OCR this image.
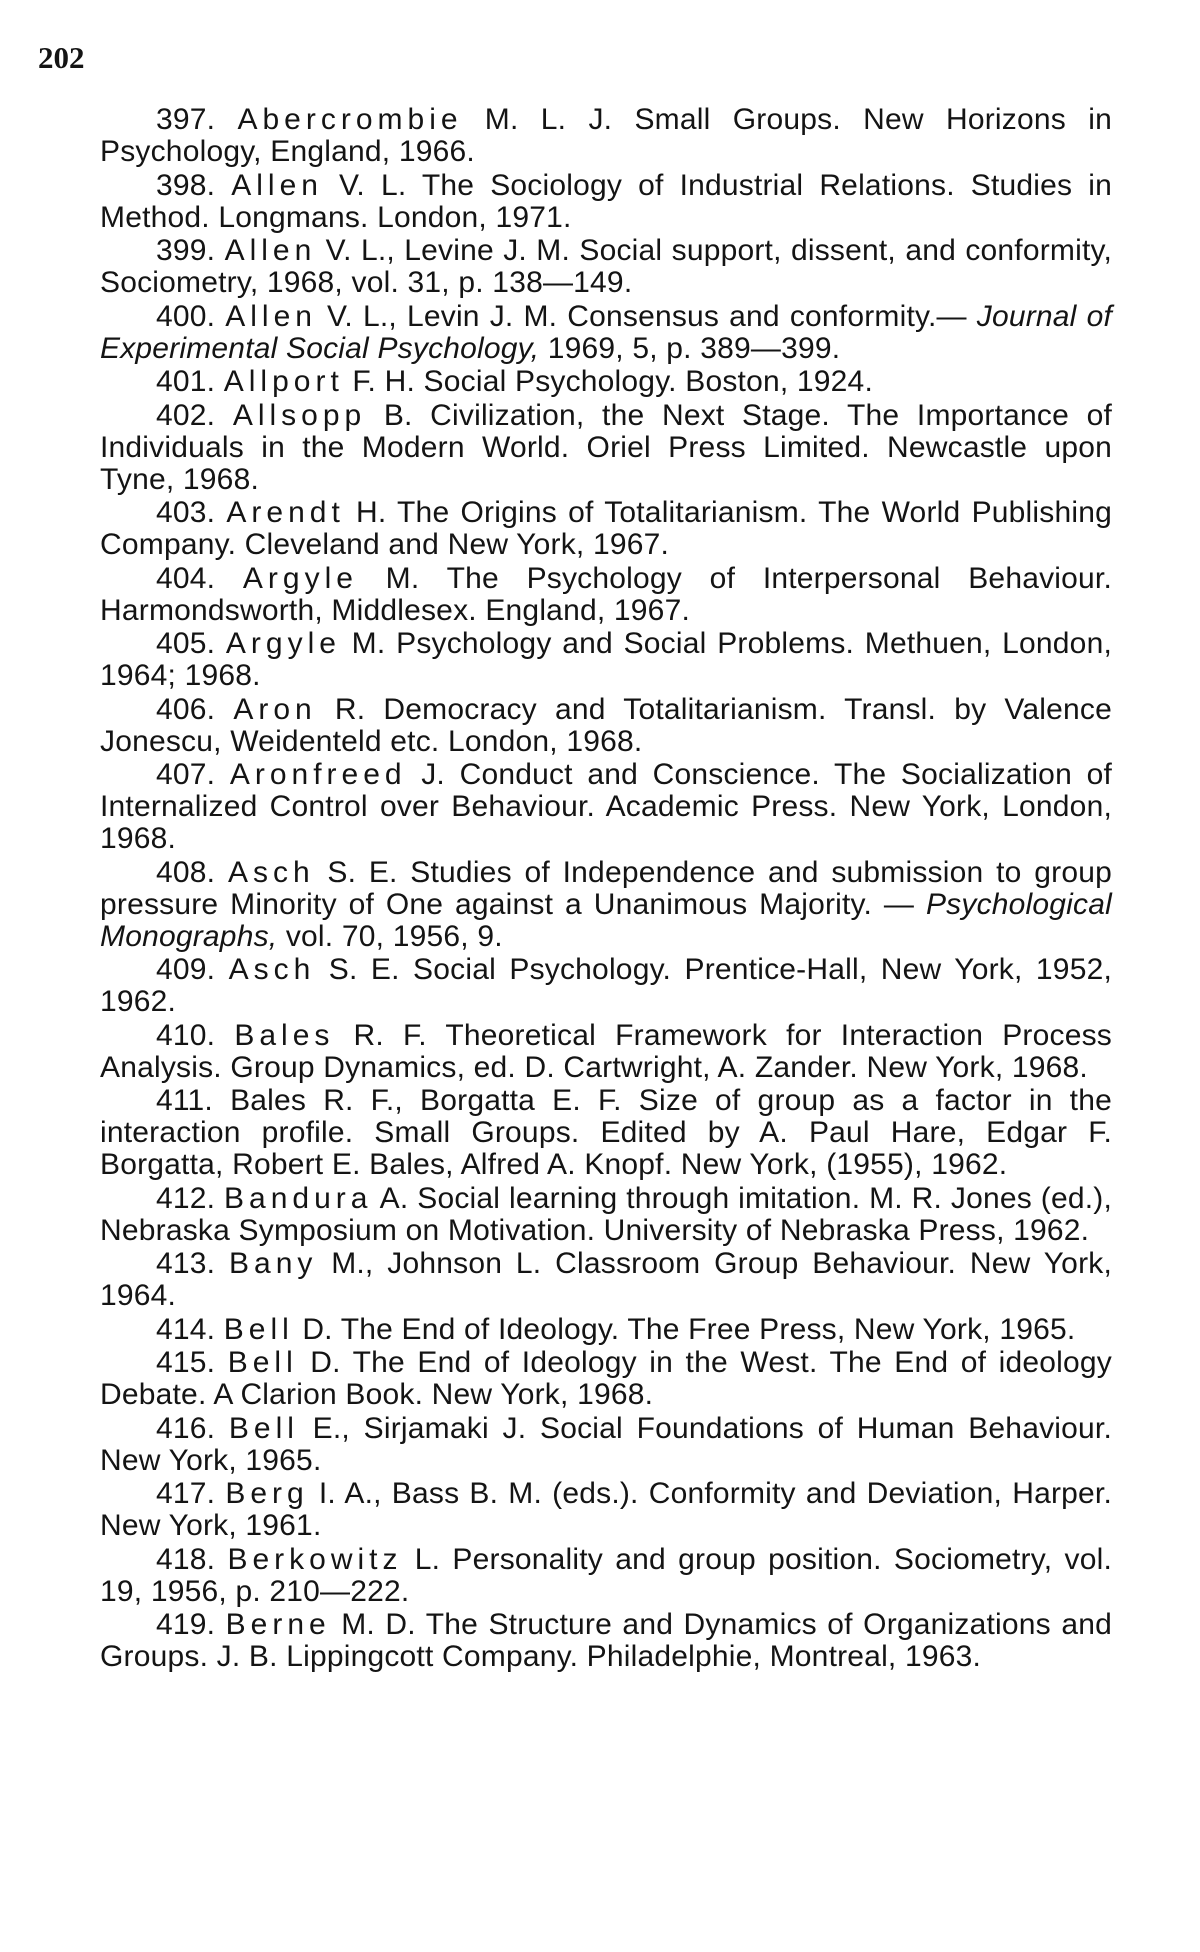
202

397. Abercrombie M. L. J. Small Groups. New Horizons in Psychology, England, 1966.

398. Allen V. L. The Sociology of Industrial Relations. Studies in Method. Longmans. London, 1971.

399. Allen V. L., Levine J. M. Social support, dissent, and conformity, Sociometry, 1968, vol. 31, p. 138—149.

400. Allen V. L., Levin J. M. Consensus and conformity.— Journal of Experimental Social Psychology, 1969, 5, p. 389—399.

401. Allport F. H. Social Psychology. Boston, 1924.

402. Allsopp B. Civilization, the Next Stage. The Importance of Individuals in the Modern World. Oriel Press Limited. Newcastle upon Tyne, 1968.

403. Arendt H. The Origins of Totalitarianism. The World Publishing Company. Cleveland and New York, 1967.

404. Argyle M. The Psychology of Interpersonal Behaviour. Harmondsworth, Middlesex. England, 1967.

405. Argyle M. Psychology and Social Problems. Methuen, London, 1964; 1968.

406. Aron R. Democracy and Totalitarianism. Transl. by Valence Jonescu, Weidenteld etc. London, 1968.

407. Aronfreed J. Conduct and Conscience. The Socialization of Internalized Control over Behaviour. Academic Press. New York, London, 1968.

408. Asch S. E. Studies of Independence and submission to group pressure Minority of One against a Unanimous Majority. — Psychological Monographs, vol. 70, 1956, 9.

409. Asch S. E. Social Psychology. Prentice-Hall, New York, 1952, 1962.

410. Bales R. F. Theoretical Framework for Interaction Process Analysis. Group Dynamics, ed. D. Cartwright, A. Zander. New York, 1968.

411. Bales R. F., Borgatta E. F. Size of group as a factor in the interaction profile. Small Groups. Edited by A. Paul Hare, Edgar F. Borgatta, Robert E. Bales, Alfred A. Knopf. New York, (1955), 1962.

412. Bandura A. Social learning through imitation. M. R. Jones (ed.), Nebraska Symposium on Motivation. University of Nebraska Press, 1962.

413. Bany M., Johnson L. Classroom Group Behaviour. New York, 1964.

414. Bell D. The End of Ideology. The Free Press, New York, 1965.

415. Bell D. The End of Ideology in the West. The End of ideology Debate. A Clarion Book. New York, 1968.

416. Bell E., Sirjamaki J. Social Foundations of Human Behaviour. New York, 1965.

417. Berg I. A., Bass B. M. (eds.). Conformity and Deviation, Harper. New York, 1961.

418. Berkowitz L. Personality and group position. Sociometry, vol. 19, 1956, p. 210—222.

419. Berne M. D. The Structure and Dynamics of Organizations and Groups. J. B. Lippingcott Company. Philadelphie, Montreal, 1963.
